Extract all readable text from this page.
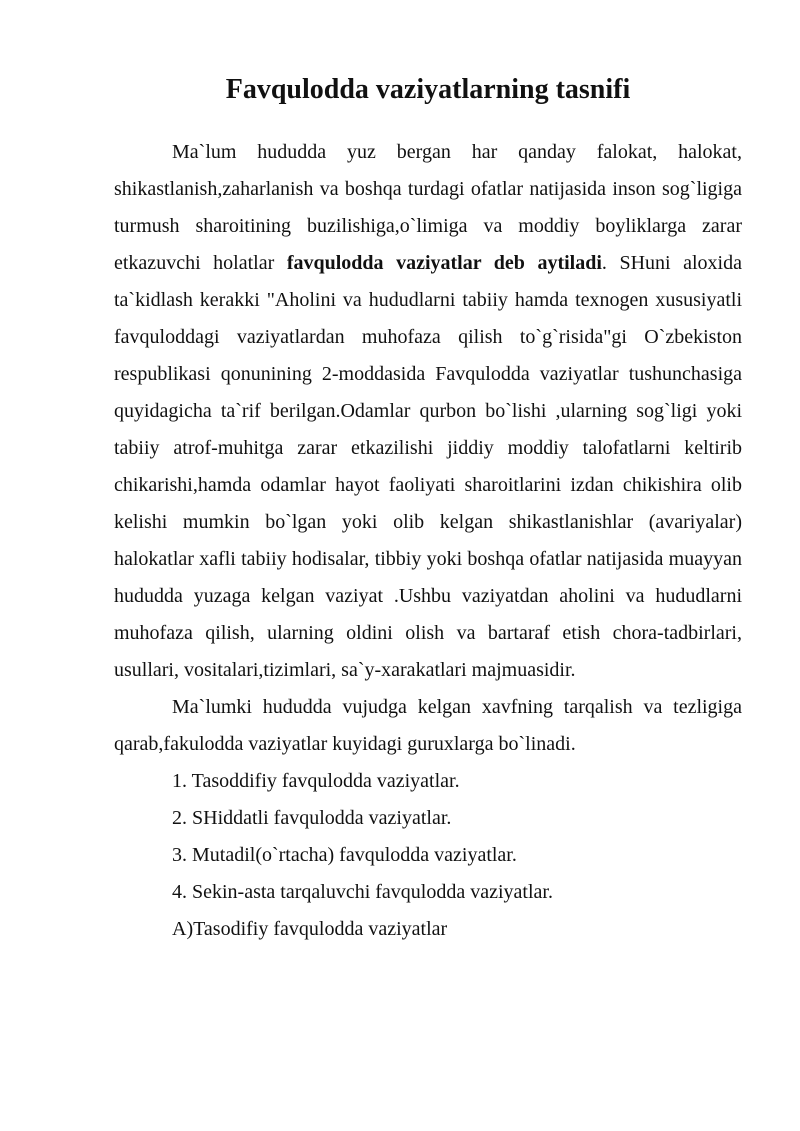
Favqulodda vaziyatlarning tasnifi

Ma`lum hududda yuz bergan har qanday falokat, halokat, shikastlanish,zaharlanish va boshqa turdagi ofatlar natijasida inson sog`ligiga turmush sharoitining buzilishiga,o`limiga va moddiy boyliklarga zarar etkazuvchi holatlar favqulodda vaziyatlar deb aytiladi. SHuni aloxida ta`kidlash kerakki "Aholini va hududlarni tabiiy hamda texnogen xususiyatli favquloddagi vaziyatlardan muhofaza qilish to`g`risida"gi O`zbekiston respublikasi qonunining 2-moddasida Favqulodda vaziyatlar tushunchasiga quyidagicha ta`rif berilgan.Odamlar qurbon bo`lishi ,ularning sog`ligi yoki tabiiy atrof-muhitga zarar etkazilishi jiddiy moddiy talofatlarni keltirib chikarishi,hamda odamlar hayot faoliyati sharoitlarini izdan chikishira olib kelishi mumkin bo`lgan yoki olib kelgan shikastlanishlar (avariyalar) halokatlar xafli tabiiy hodisalar, tibbiy yoki boshqa ofatlar natijasida muayyan hududda yuzaga kelgan vaziyat .Ushbu vaziyatdan aholini va hududlarni muhofaza qilish, ularning oldini olish va bartaraf etish chora-tadbirlari, usullari, vositalari,tizimlari, sa`y-xarakatlari majmuasidir.

Ma`lumki hududda vujudga kelgan xavfning tarqalish va tezligiga qarab,fakulodda vaziyatlar kuyidagi guruxlarga bo`linadi.

1. Tasoddifiy favqulodda vaziyatlar.

2. SHiddatli favqulodda vaziyatlar.

3. Mutadil(o`rtacha) favqulodda vaziyatlar.

4. Sekin-asta tarqaluvchi favqulodda vaziyatlar.

A)Tasodifiy favqulodda vaziyatlar
